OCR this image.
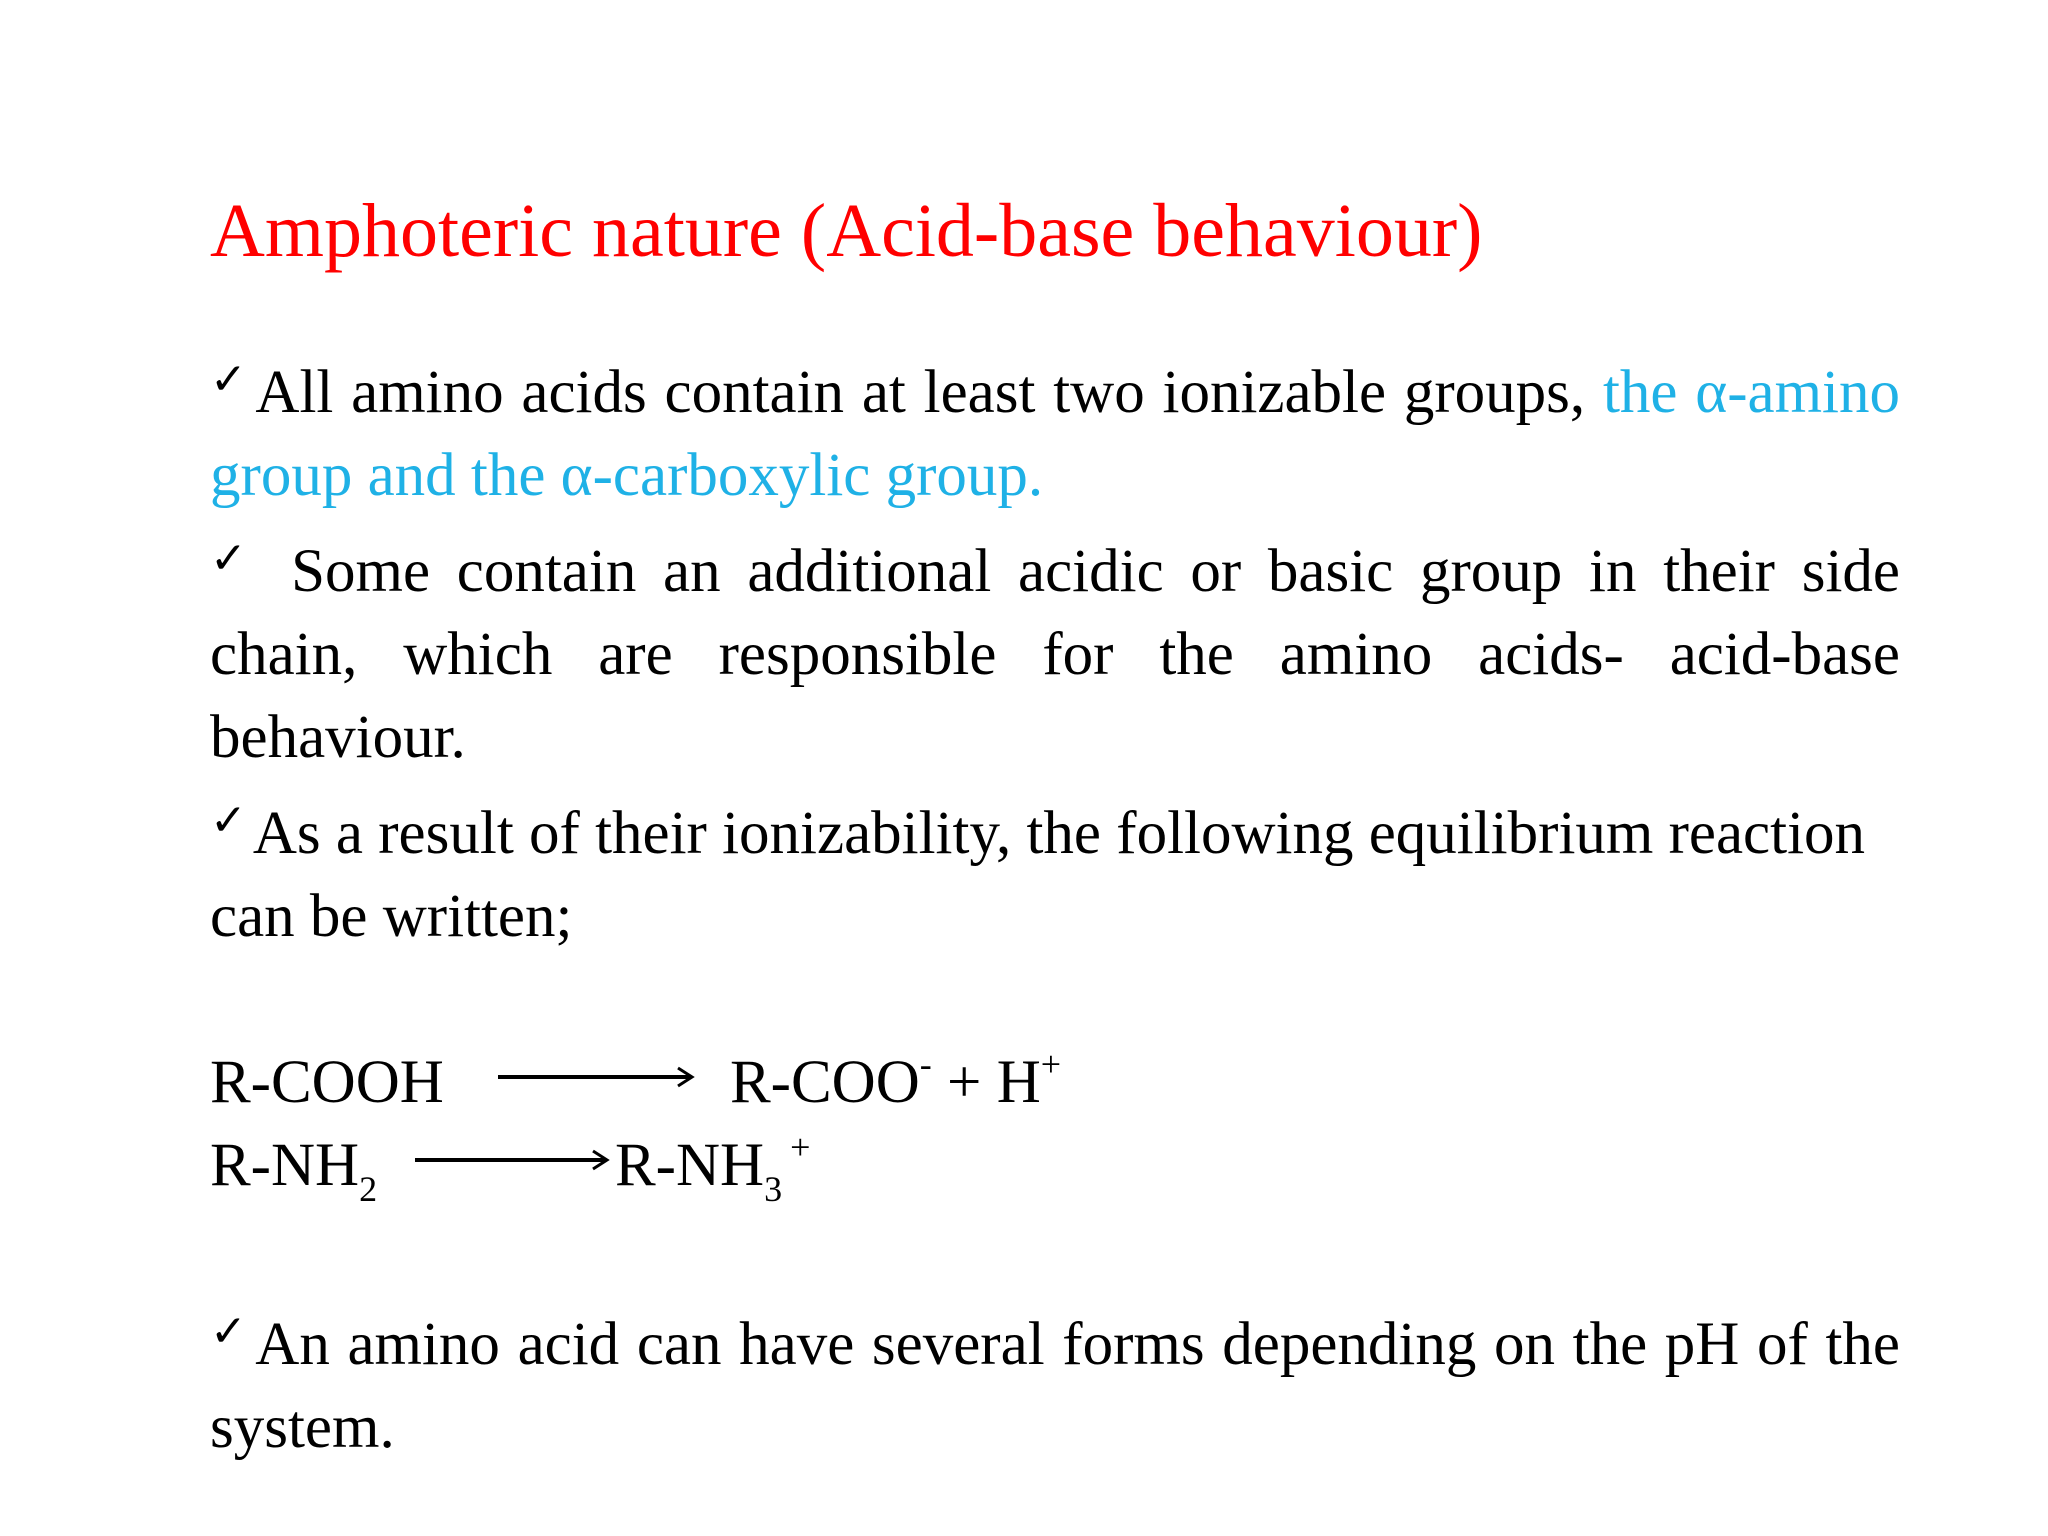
Amphoteric nature (Acid-base behaviour)

✓All amino acids contain at least two ionizable groups, the α-amino group and the α-carboxylic group.

✓ Some contain an additional acidic or basic group in their side chain, which are responsible for the amino acids- acid-base behaviour.

✓As a result of their ionizability, the following equilibrium reaction can be written;

R-COOH	R-COO- + H+
$R-NH_2$	$R-NH_3^+$

✓An amino acid can have several forms depending on the pH of the system.
